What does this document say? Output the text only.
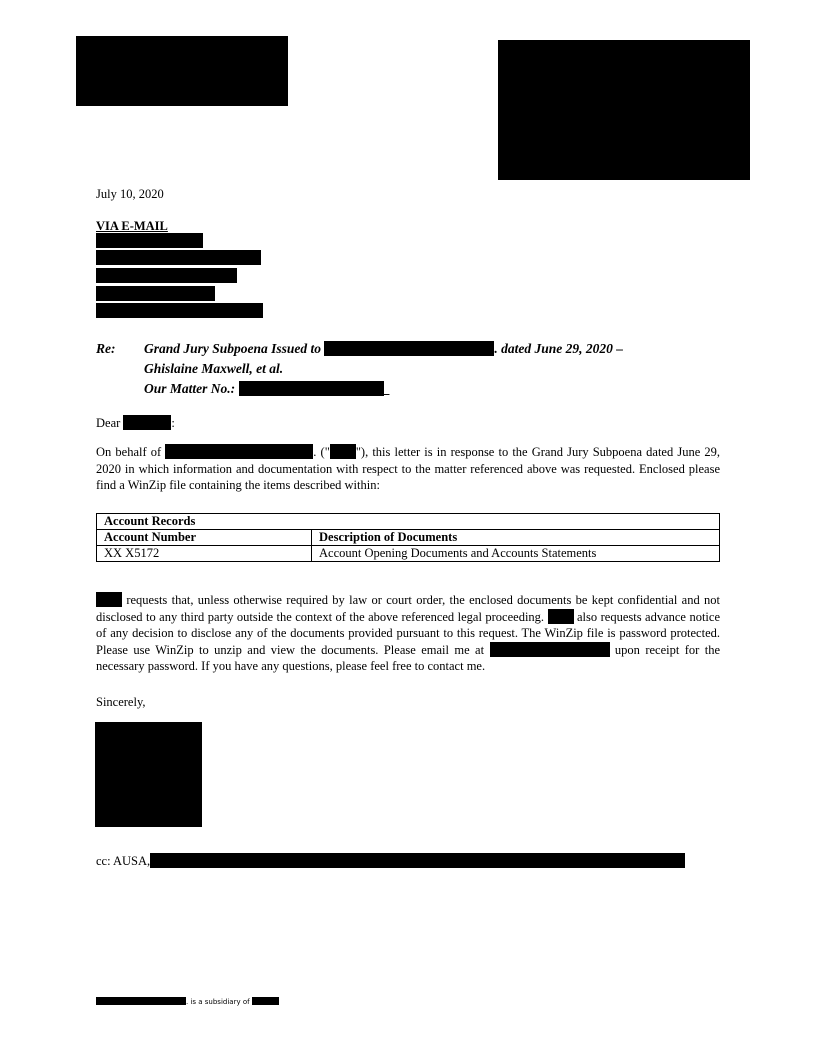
July 10, 2020
VIA E-MAIL
Re: Grand Jury Subpoena Issued to	. dated June 29, 2020 –
Ghislaine Maxwell, et al.
Our Matter No.:	_
Dear	:
On behalf of	. (" "), this letter is in response to the Grand Jury Subpoena dated June 29, 2020 in which information and documentation with respect to the matter referenced above was requested. Enclosed please find a WinZip file containing the items described within:
Account Records	
Account Number	Description of Documents
XX X5172	Account Opening Documents and Accounts Statements
requests that, unless otherwise required by law or court order, the enclosed documents be kept confidential and not disclosed to any third party outside the context of the above referenced legal proceeding.	also requests advance notice of any decision to disclose any of the documents provided pursuant to this request. The WinZip file is password protected. Please use WinZip to unzip and view the documents. Please email me at	upon receipt for the necessary password. If you have any questions, please feel free to contact me.
Sincerely,
cc: AUSA,
. is a subsidiary of
